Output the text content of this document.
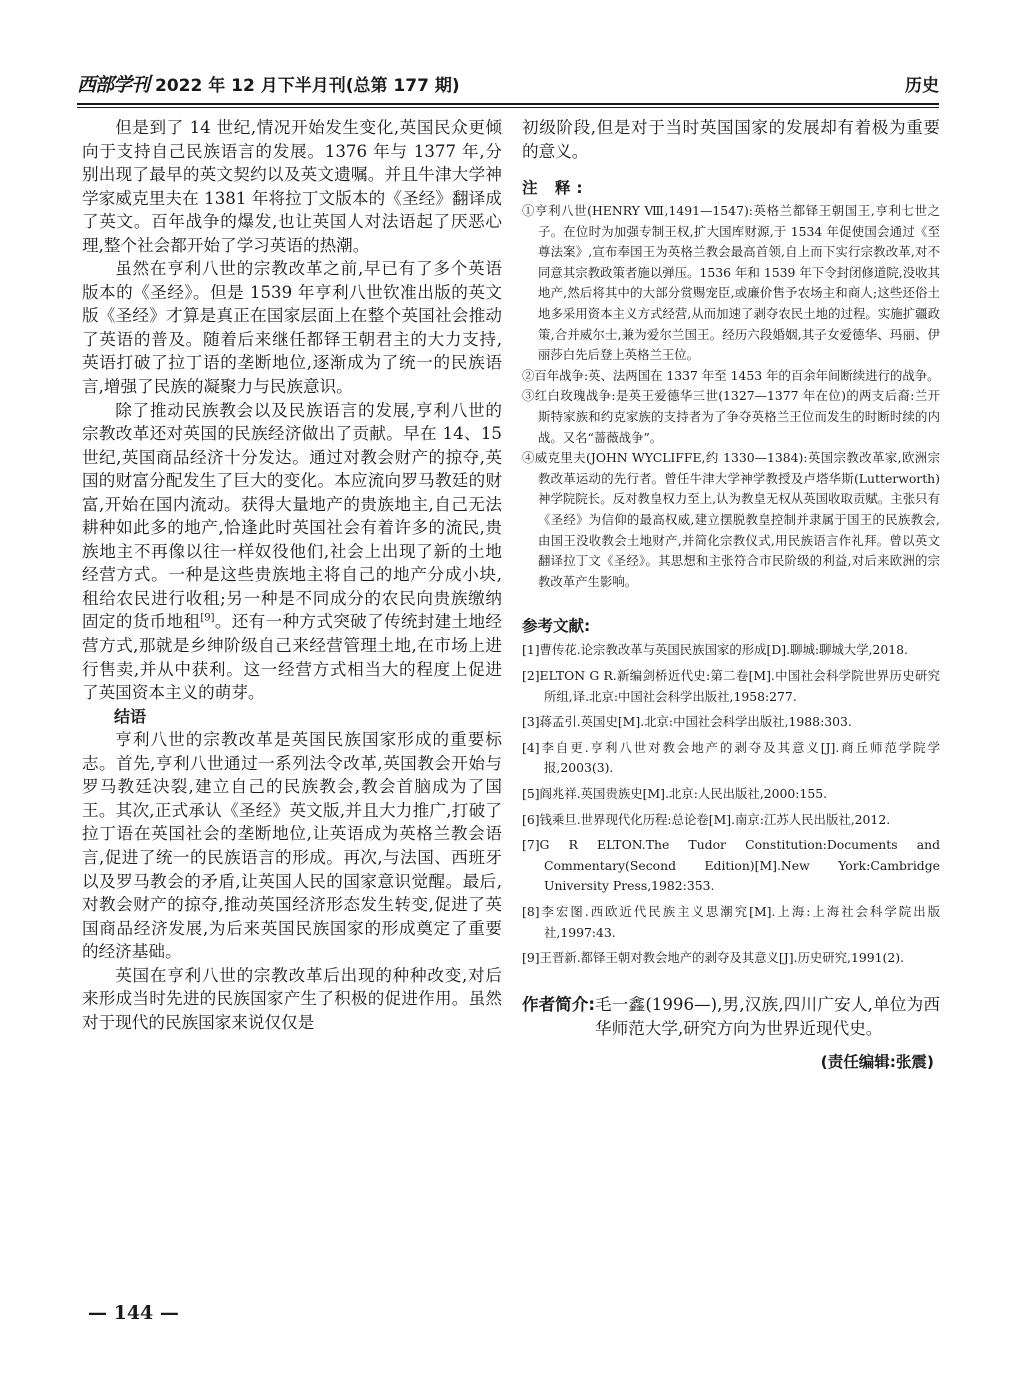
西部学刊 2022 年 12 月下半月刊(总第 177 期)	历史

但是到了 14 世纪,情况开始发生变化,英国民众更倾向于支持自己民族语言的发展。1376 年与 1377 年,分别出现了最早的英文契约以及英文遗嘱。并且牛津大学神学家威克里夫在 1381 年将拉丁文版本的《圣经》翻译成了英文。百年战争的爆发,也让英国人对法语起了厌恶心理,整个社会都开始了学习英语的热潮。

虽然在亨利八世的宗教改革之前,早已有了多个英语版本的《圣经》。但是 1539 年亨利八世钦准出版的英文版《圣经》才算是真正在国家层面上在整个英国社会推动了英语的普及。随着后来继任都铎王朝君主的大力支持,英语打破了拉丁语的垄断地位,逐渐成为了统一的民族语言,增强了民族的凝聚力与民族意识。

除了推动民族教会以及民族语言的发展,亨利八世的宗教改革还对英国的民族经济做出了贡献。早在 14、15 世纪,英国商品经济十分发达。通过对教会财产的掠夺,英国的财富分配发生了巨大的变化。本应流向罗马教廷的财富,开始在国内流动。获得大量地产的贵族地主,自己无法耕种如此多的地产,恰逢此时英国社会有着许多的流民,贵族地主不再像以往一样奴役他们,社会上出现了新的土地经营方式。一种是这些贵族地主将自己的地产分成小块,租给农民进行收租;另一种是不同成分的农民向贵族缴纳固定的货币地租[9]。还有一种方式突破了传统封建土地经营方式,那就是乡绅阶级自己来经营管理土地,在市场上进行售卖,并从中获利。这一经营方式相当大的程度上促进了英国资本主义的萌芽。

结语

亨利八世的宗教改革是英国民族国家形成的重要标志。首先,亨利八世通过一系列法令改革,英国教会开始与罗马教廷决裂,建立自己的民族教会,教会首脑成为了国王。其次,正式承认《圣经》英文版,并且大力推广,打破了拉丁语在英国社会的垄断地位,让英语成为英格兰教会语言,促进了统一的民族语言的形成。再次,与法国、西班牙以及罗马教会的矛盾,让英国人民的国家意识觉醒。最后,对教会财产的掠夺,推动英国经济形态发生转变,促进了英国商品经济发展,为后来英国民族国家的形成奠定了重要的经济基础。

英国在亨利八世的宗教改革后出现的种种改变,对后来形成当时先进的民族国家产生了积极的促进作用。虽然对于现代的民族国家来说仅仅是

初级阶段,但是对于当时英国国家的发展却有着极为重要的意义。

注 释:

①亨利八世(HENRY Ⅷ,1491—1547):英格兰都铎王朝国王,亨利七世之子。在位时为加强专制王权,扩大国库财源,于 1534 年促使国会通过《至尊法案》,宣布奉国王为英格兰教会最高首领,自上而下实行宗教改革,对不同意其宗教政策者施以弹压。1536 年和 1539 年下令封闭修道院,没收其地产,然后将其中的大部分赏赐宠臣,或廉价售予农场主和商人;这些还俗土地多采用资本主义方式经营,从而加速了剥夺农民土地的过程。实施扩疆政策,合并威尔士,兼为爱尔兰国王。经历六段婚姻,其子女爱德华、玛丽、伊丽莎白先后登上英格兰王位。

②百年战争:英、法两国在 1337 年至 1453 年的百余年间断续进行的战争。

③红白玫瑰战争:是英王爱德华三世(1327—1377 年在位)的两支后裔:兰开斯特家族和约克家族的支持者为了争夺英格兰王位而发生的时断时续的内战。又名“蔷薇战争”。

④威克里夫(JOHN WYCLIFFE,约 1330—1384):英国宗教改革家,欧洲宗教改革运动的先行者。曾任牛津大学神学教授及卢塔华斯(Lutterworth)神学院院长。反对教皇权力至上,认为教皇无权从英国收取贡赋。主张只有《圣经》为信仰的最高权威,建立摆脱教皇控制并隶属于国王的民族教会,由国王没收教会土地财产,并简化宗教仪式,用民族语言作礼拜。曾以英文翻译拉丁文《圣经》。其思想和主张符合市民阶级的利益,对后来欧洲的宗教改革产生影响。

参考文献:

[1]曹传花.论宗教改革与英国民族国家的形成[D].聊城:聊城大学,2018.

[2]ELTON G R.新编剑桥近代史:第二卷[M].中国社会科学院世界历史研究所组,译.北京:中国社会科学出版社,1958:277.

[3]蒋孟引.英国史[M].北京:中国社会科学出版社,1988:303.

[4]李自更.亨利八世对教会地产的剥夺及其意义[J].商丘师范学院学报,2003(3).

[5]阎兆祥.英国贵族史[M].北京:人民出版社,2000:155.

[6]钱乘旦.世界现代化历程:总论卷[M].南京:江苏人民出版社,2012.

[7]G R ELTON.The Tudor Constitution:Documents and Commentary(Second Edition)[M].New York:Cambridge University Press,1982:353.

[8]李宏图.西欧近代民族主义思潮究[M].上海:上海社会科学院出版社,1997:43.

[9]王晋新.都铎王朝对教会地产的剥夺及其意义[J].历史研究,1991(2).

作者简介: 毛一鑫(1996—),男,汉族,四川广安人,单位为西华师范大学,研究方向为世界近现代史。
(责任编辑:张震)
— 144 —
